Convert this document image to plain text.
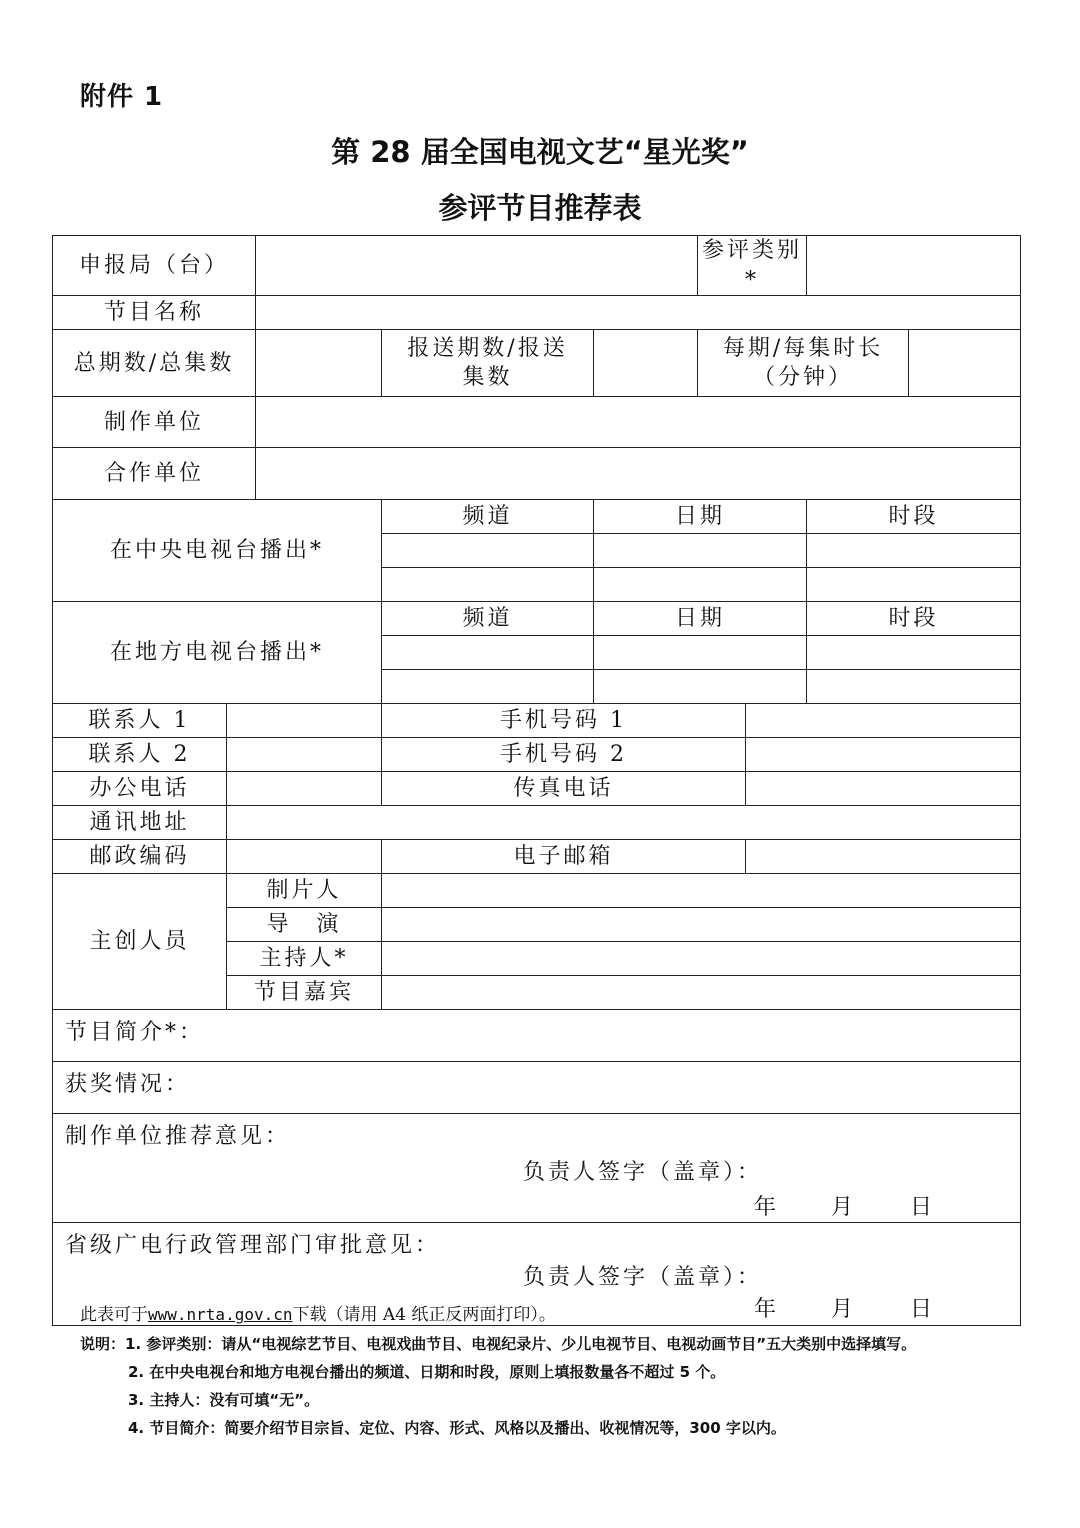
附件 1
第 28 届全国电视文艺“星光奖”
参评节目推荐表
申报局（台）					参评类别*			
节目名称								
总期数/总集数			报送期数/报送集数		每期/每集时长（分钟）			
制作单位								
合作单位								
在中央电视台播出*			频道	日期			时段	

在地方电视台播出*			频道	日期			时段	

联系人 1			手机号码 1					
联系人 2			手机号码 2					
办公电话			传真电话					
通讯地址								
邮政编码			电子邮箱					
主创人员	制片人							
	导　演							
	主持人*							
	节目嘉宾							
节目简介*：								
获奖情况：								

制作单位推荐意见：
负责人签字（盖章）：
年 月 日								

省级广电行政管理部门审批意见：
负责人签字（盖章）：
年 月 日								
此表可于www.nrta.gov.cn下载（请用 A4 纸正反两面打印）。
说明：1. 参评类别：请从“电视综艺节目、电视戏曲节目、电视纪录片、少儿电视节目、电视动画节目”五大类别中选择填写。
2. 在中央电视台和地方电视台播出的频道、日期和时段，原则上填报数量各不超过 5 个。
3. 主持人：没有可填“无”。
4. 节目简介：简要介绍节目宗旨、定位、内容、形式、风格以及播出、收视情况等，300 字以内。
